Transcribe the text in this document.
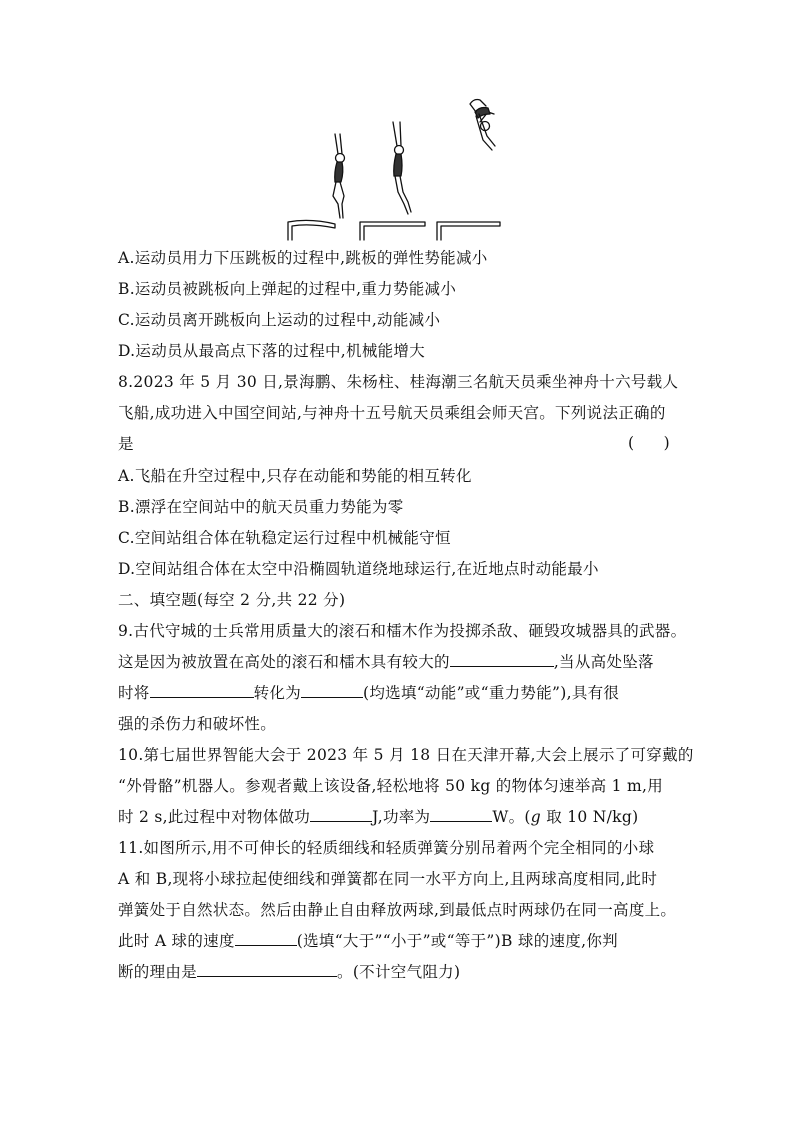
A.运动员用力下压跳板的过程中,跳板的弹性势能减小
B.运动员被跳板向上弹起的过程中,重力势能减小
C.运动员离开跳板向上运动的过程中,动能减小
D.运动员从最高点下落的过程中,机械能增大
8.2023 年 5 月 30 日,景海鹏、朱杨柱、桂海潮三名航天员乘坐神舟十六号载人
飞船,成功进入中国空间站,与神舟十五号航天员乘组会师天宫。下列说法正确的
是	(      )
A.飞船在升空过程中,只存在动能和势能的相互转化
B.漂浮在空间站中的航天员重力势能为零
C.空间站组合体在轨稳定运行过程中机械能守恒
D.空间站组合体在太空中沿椭圆轨道绕地球运行,在近地点时动能最小
二、填空题(每空 2 分,共 22 分)
9.古代守城的士兵常用质量大的滚石和檑木作为投掷杀敌、砸毁攻城器具的武器。
这是因为被放置在高处的滚石和檑木具有较大的	,当从高处坠落
时将	转化为	(均选填“动能”或“重力势能”),具有很
强的杀伤力和破坏性。
10.第七届世界智能大会于 2023 年 5 月 18 日在天津开幕,大会上展示了可穿戴的
“外骨骼”机器人。参观者戴上该设备,轻松地将 50 kg 的物体匀速举高 1 m,用
时 2 s,此过程中对物体做功	J,功率为	W。(g 取 10 N/kg)
11.如图所示,用不可伸长的轻质细线和轻质弹簧分别吊着两个完全相同的小球
A 和 B,现将小球拉起使细线和弹簧都在同一水平方向上,且两球高度相同,此时
弹簧处于自然状态。然后由静止自由释放两球,到最低点时两球仍在同一高度上。
此时 A 球的速度	(选填“大于”“小于”或“等于”)B 球的速度,你判
断的理由是	。(不计空气阻力)
